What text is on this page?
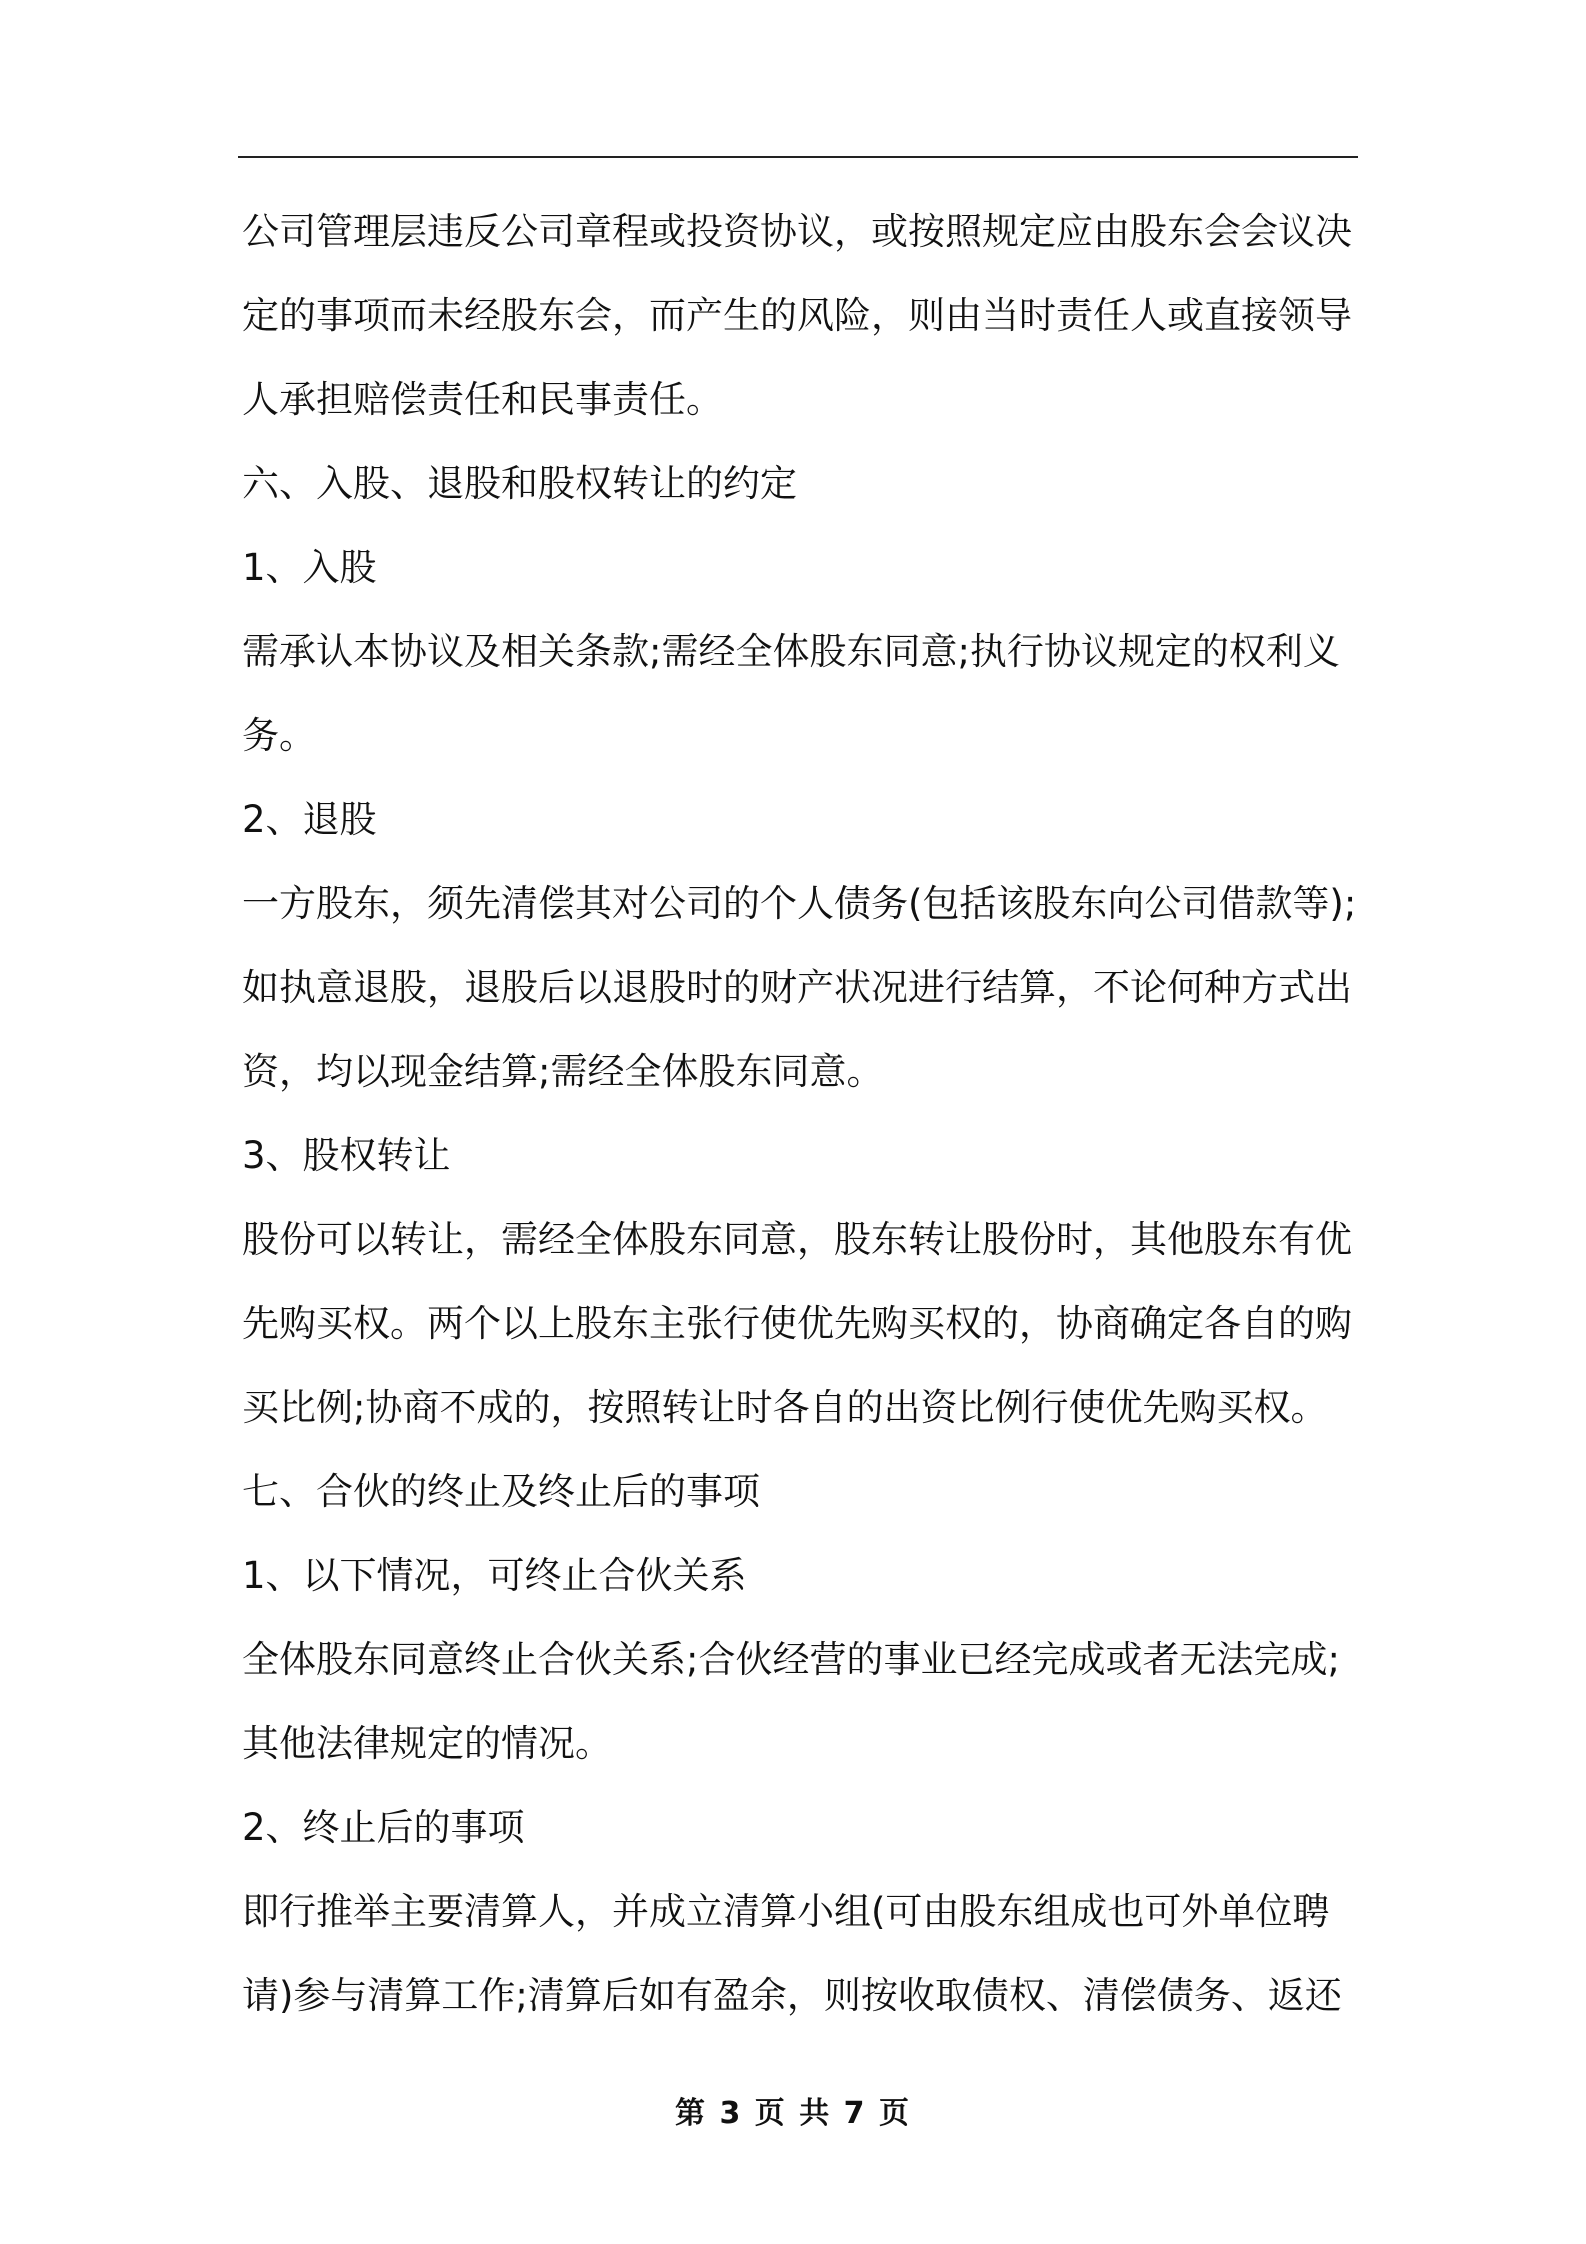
公司管理层违反公司章程或投资协议，或按照规定应由股东会会议决
定的事项而未经股东会，而产生的风险，则由当时责任人或直接领导
人承担赔偿责任和民事责任。
六、入股、退股和股权转让的约定
1、入股
需承认本协议及相关条款;需经全体股东同意;执行协议规定的权利义
务。
2、退股
一方股东，须先清偿其对公司的个人债务(包括该股东向公司借款等);
如执意退股，退股后以退股时的财产状况进行结算，不论何种方式出
资，均以现金结算;需经全体股东同意。
3、股权转让
股份可以转让，需经全体股东同意，股东转让股份时，其他股东有优
先购买权。两个以上股东主张行使优先购买权的，协商确定各自的购
买比例;协商不成的，按照转让时各自的出资比例行使优先购买权。
七、合伙的终止及终止后的事项
1、以下情况，可终止合伙关系
全体股东同意终止合伙关系;合伙经营的事业已经完成或者无法完成;
其他法律规定的情况。
2、终止后的事项
即行推举主要清算人，并成立清算小组(可由股东组成也可外单位聘
请)参与清算工作;清算后如有盈余，则按收取债权、清偿债务、返还
第 3 页 共 7 页
